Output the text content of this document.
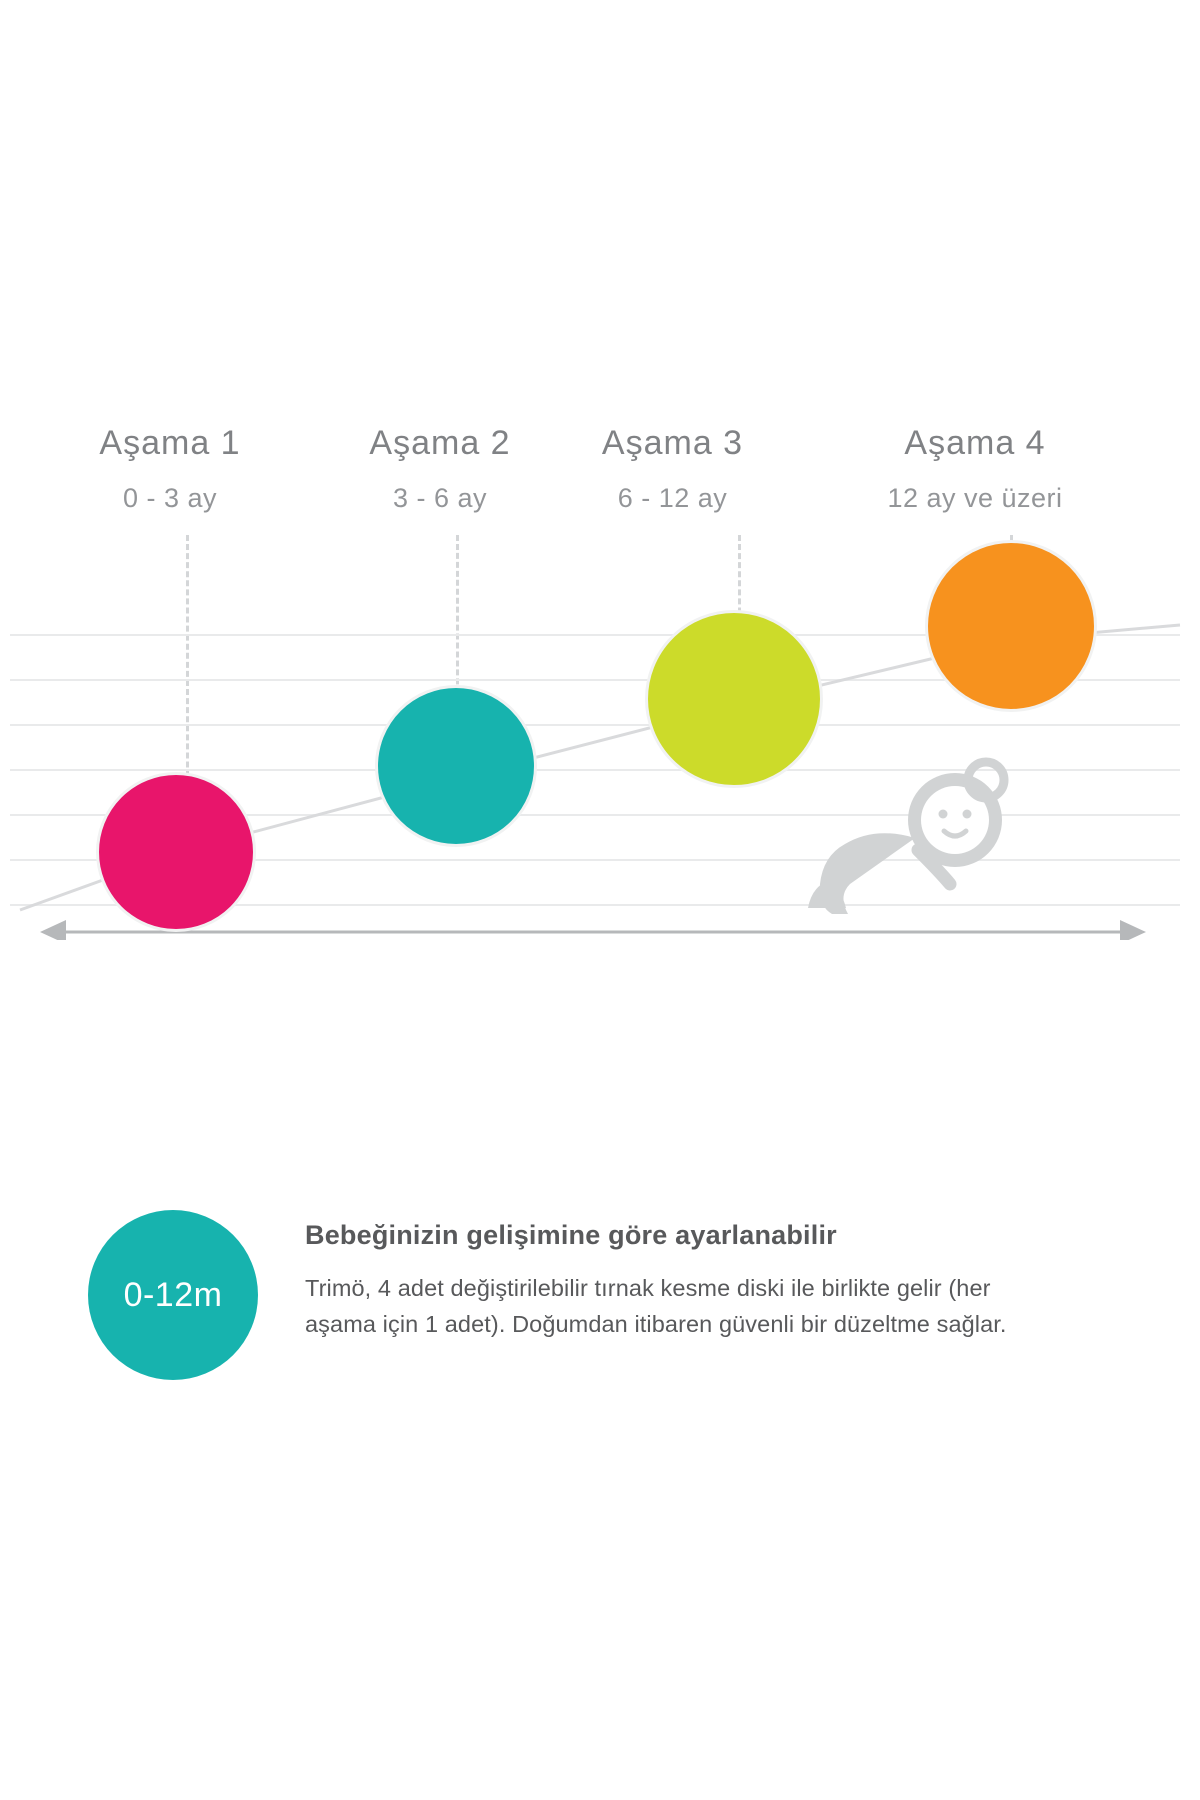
Aşama 1
0 - 3 ay
Aşama 2
3 - 6 ay
Aşama 3
6 - 12 ay
Aşama 4
12 ay ve üzeri
0-12m
Bebeğinizin gelişimine göre ayarlanabilir
Trimö, 4 adet değiştirilebilir tırnak kesme diski ile birlikte gelir (her aşama için 1 adet). Doğumdan itibaren güvenli bir düzeltme sağlar.
